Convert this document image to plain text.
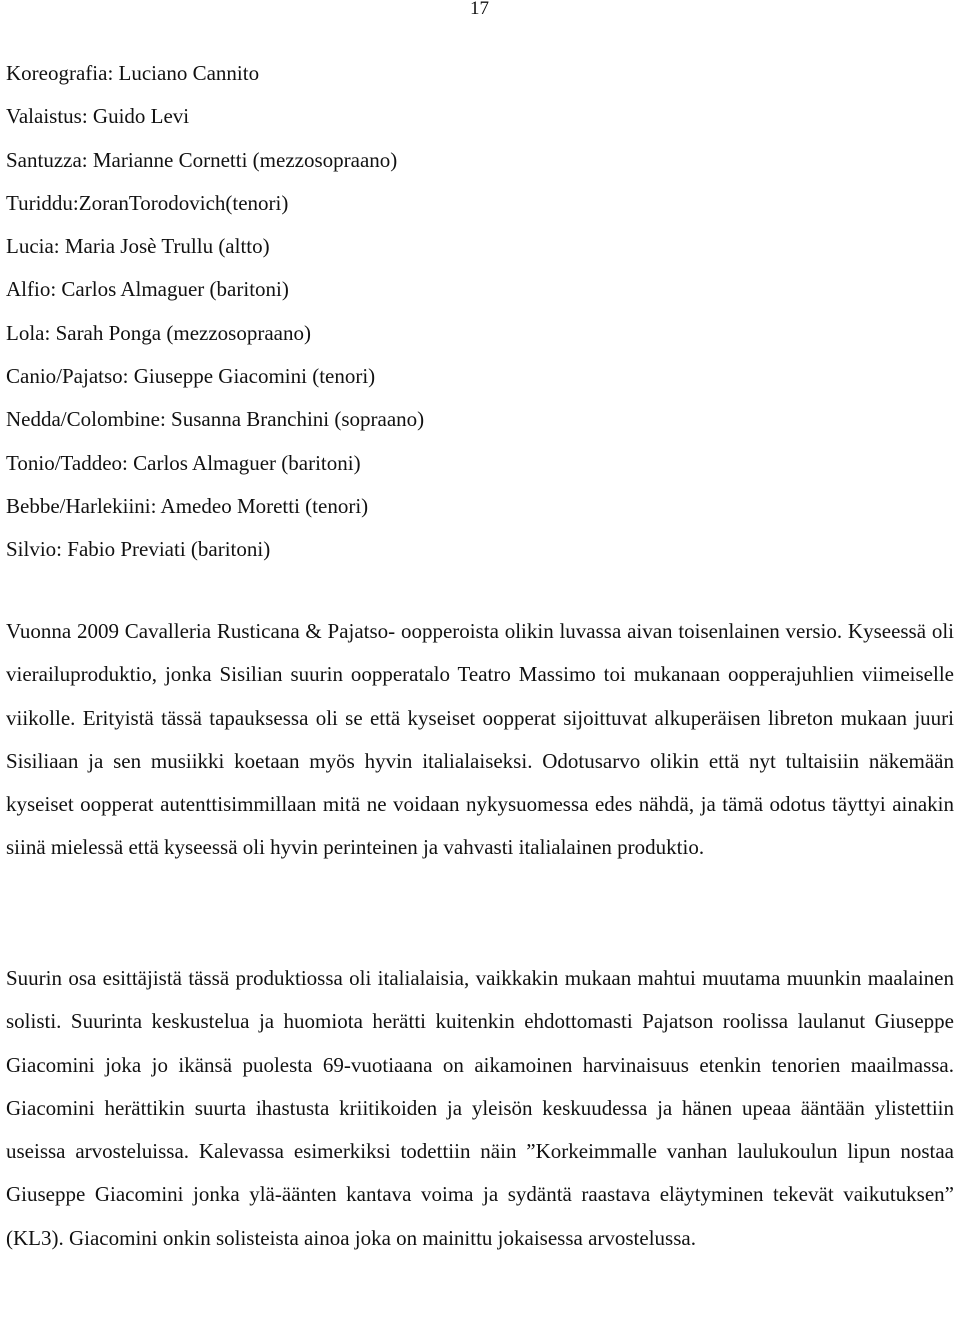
17
Koreografia: Luciano Cannito
Valaistus: Guido Levi
Santuzza: Marianne Cornetti (mezzosopraano)
Turiddu:ZoranTorodovich(tenori)
Lucia: Maria Josè Trullu (altto)
Alfio: Carlos Almaguer (baritoni)
Lola: Sarah Ponga (mezzosopraano)
Canio/Pajatso: Giuseppe Giacomini (tenori)
Nedda/Colombine: Susanna Branchini (sopraano)
Tonio/Taddeo: Carlos Almaguer (baritoni)
Bebbe/Harlekiini: Amedeo Moretti (tenori)
Silvio: Fabio Previati (baritoni)
Vuonna 2009 Cavalleria Rusticana & Pajatso- oopperoista olikin luvassa aivan toisenlainen versio. Kyseessä oli vierailuproduktio, jonka Sisilian suurin oopperatalo Teatro Massimo toi mukanaan oopperajuhlien viimeiselle viikolle. Erityistä tässä tapauksessa oli se että kyseiset oopperat sijoittuvat alkuperäisen libreton mukaan juuri Sisiliaan ja sen musiikki koetaan myös hyvin italialaiseksi. Odotusarvo olikin että nyt tultaisiin näkemään kyseiset oopperat autenttisimmillaan mitä ne voidaan nykysuomessa edes nähdä, ja tämä odotus täyttyi ainakin siinä mielessä että kyseessä oli hyvin perinteinen ja vahvasti italialainen produktio.
Suurin osa esittäjistä tässä produktiossa oli italialaisia, vaikkakin mukaan mahtui muutama muunkin maalainen solisti. Suurinta keskustelua ja huomiota herätti kuitenkin ehdottomasti Pajatson roolissa laulanut Giuseppe Giacomini joka jo ikänsä puolesta 69-vuotiaana on aikamoinen harvinaisuus etenkin tenorien maailmassa. Giacomini herättikin suurta ihastusta kriitikoiden ja yleisön keskuudessa ja hänen upeaa ääntään ylistettiin useissa arvosteluissa. Kalevassa esimerkiksi todettiin näin ”Korkeimmalle vanhan laulukoulun lipun nostaa Giuseppe Giacomini jonka ylä-äänten kantava voima ja sydäntä raastava eläytyminen tekevät vaikutuksen” (KL3). Giacomini onkin solisteista ainoa joka on mainittu jokaisessa arvostelussa.
